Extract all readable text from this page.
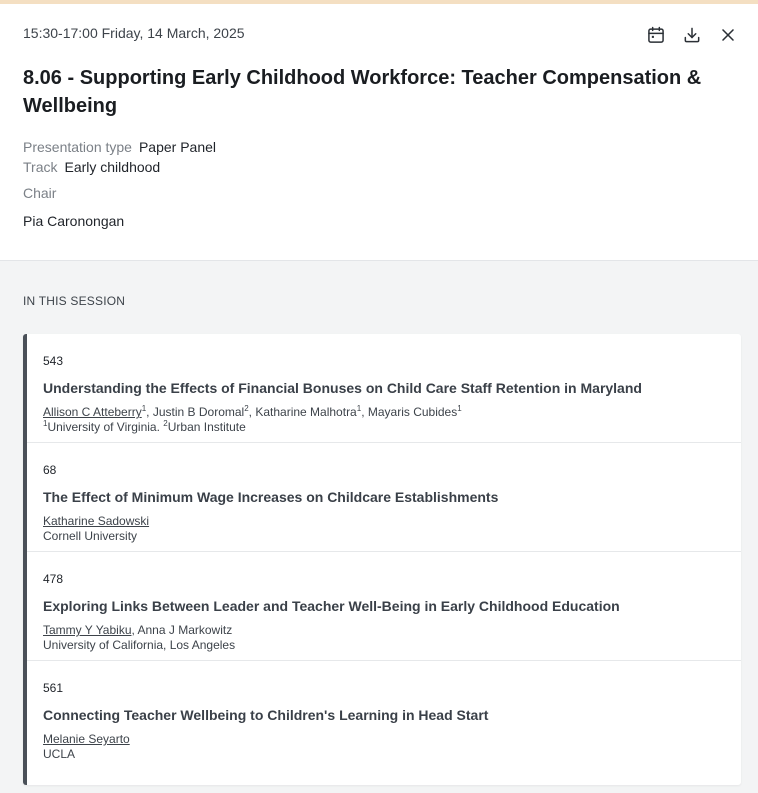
15:30-17:00 Friday, 14 March, 2025
8.06 - Supporting Early Childhood Workforce: Teacher Compensation & Wellbeing
Presentation type Paper Panel
Track Early childhood
Chair
Pia Caronongan
IN THIS SESSION
543
Understanding the Effects of Financial Bonuses on Child Care Staff Retention in Maryland
Allison C Atteberry$^1$, Justin B Doromal$^2$, Katharine Malhotra$^1$, Mayaris Cubides$^1$
$^1$University of Virginia. $^2$Urban Institute
68
The Effect of Minimum Wage Increases on Childcare Establishments
Katharine Sadowski
Cornell University
478
Exploring Links Between Leader and Teacher Well-Being in Early Childhood Education
Tammy Y Yabiku, Anna J Markowitz
University of California, Los Angeles
561
Connecting Teacher Wellbeing to Children's Learning in Head Start
Melanie Seyarto
UCLA
